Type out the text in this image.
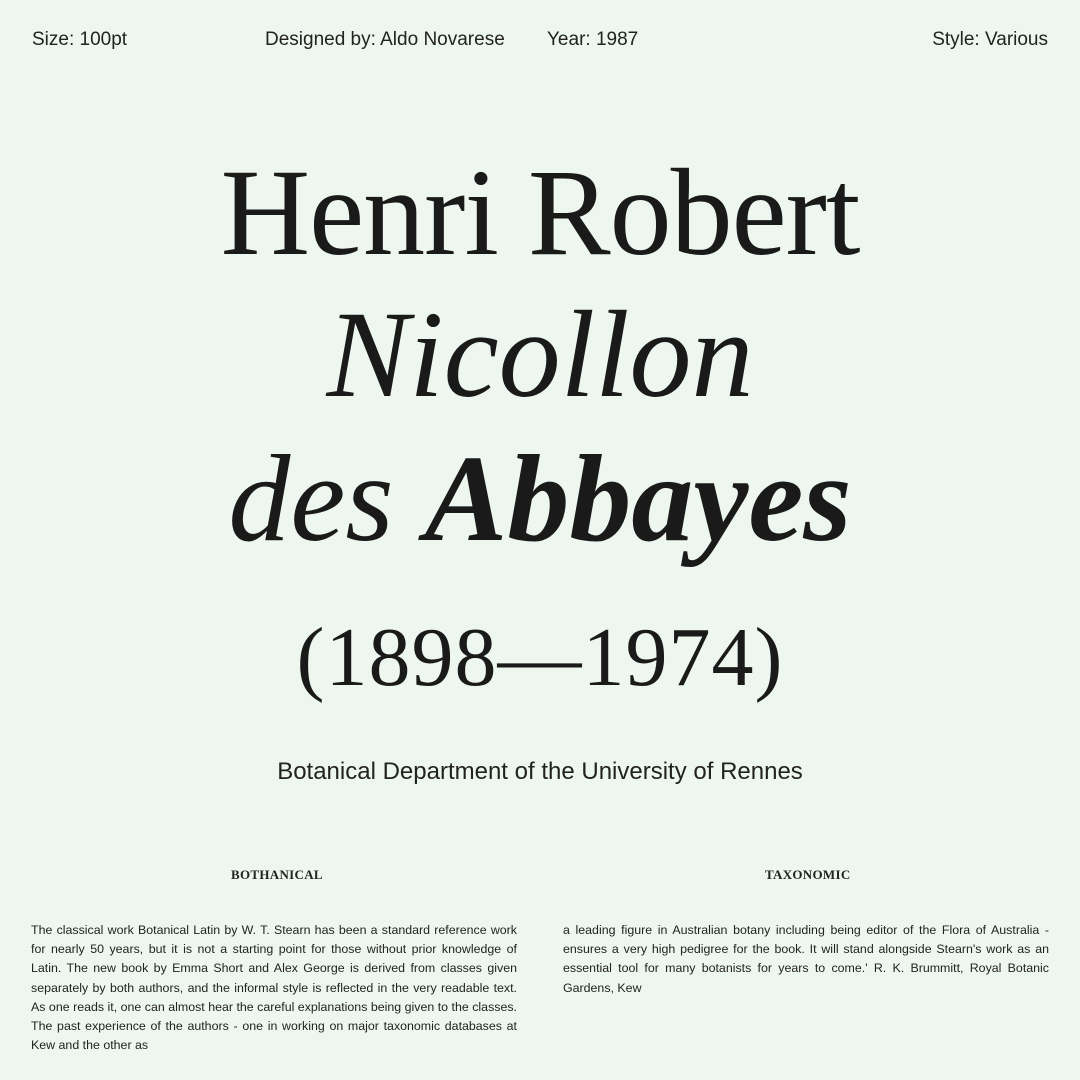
Size: 100pt	Designed by: Aldo Novarese Year: 1987	Style: Various
Henri Robert
Nicollon
des Abbayes
(1898—1974)
Botanical Department of the University of Rennes
BOTHANICAL	TAXONOMIC
The classical work Botanical Latin by W. T. Stearn has been a standard reference work for nearly 50 years, but it is not a starting point for those without prior knowledge of Latin. The new book by Emma Short and Alex George is derived from classes given separately by both authors, and the informal style is reflected in the very readable text. As one reads it, one can almost hear the careful explanations being given to the classes. The past experience of the authors - one in working on major taxonomic databases at Kew and the other as
a leading figure in Australian botany including being editor of the Flora of Australia - ensures a very high pedigree for the book. It will stand alongside Stearn's work as an essential tool for many botanists for years to come.' R. K. Brummitt, Royal Botanic Gardens, Kew
